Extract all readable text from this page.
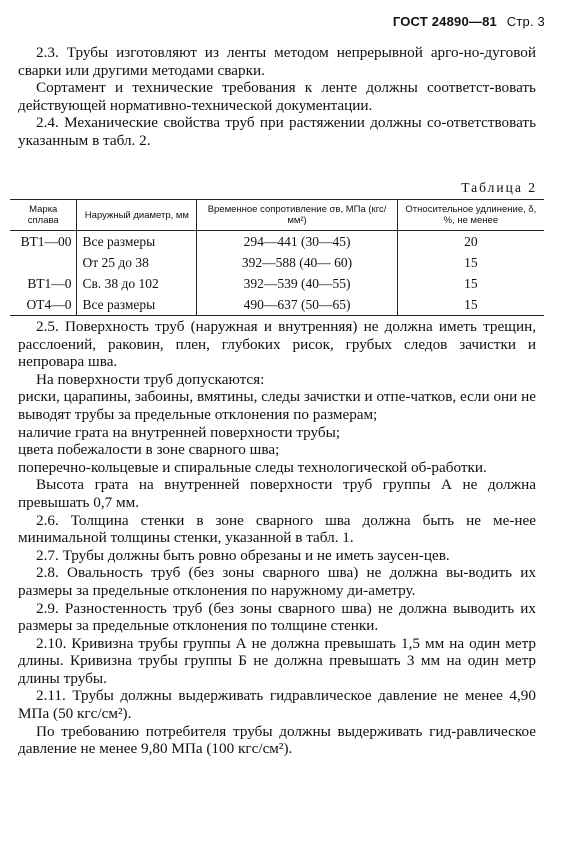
ГОСТ 24890—81 Стр. 3

2.3. Трубы изготовляют из ленты методом непрерывной арго-но-дуговой сварки или другими методами сварки.

Сортамент и технические требования к ленте должны соответст-вовать действующей нормативно-технической документации.

2.4. Механические свойства труб при растяжении должны со-ответствовать указанным в табл. 2.

Таблица 2
Марка сплава	Наружный диаметр, мм	Временное сопротивление σв, МПа (кгс/мм²)	Относительное удлинение, δ, %, не менее
ВТ1—00	Все размеры	294—441 (30—45)	20
	От 25 до 38	392—588 (40— 60)	15
ВТ1—0	Св. 38 до 102	392—539 (40—55)	15
ОТ4—0	Все размеры	490—637 (50—65)	15

2.5. Поверхность труб (наружная и внутренняя) не должна иметь трещин, расслоений, раковин, плен, глубоких рисок, грубых следов зачистки и непровара шва.

На поверхности труб допускаются:

риски, царапины, забоины, вмятины, следы зачистки и отпе-чатков, если они не выводят трубы за предельные отклонения по размерам;

наличие грата на внутренней поверхности трубы;

цвета побежалости в зоне сварного шва;

поперечно-кольцевые и спиральные следы технологической об-работки.

Высота грата на внутренней поверхности труб группы А не должна превышать 0,7 мм.

2.6. Толщина стенки в зоне сварного шва должна быть не ме-нее минимальной толщины стенки, указанной в табл. 1.

2.7. Трубы должны быть ровно обрезаны и не иметь заусен-цев.

2.8. Овальность труб (без зоны сварного шва) не должна вы-водить их размеры за предельные отклонения по наружному ди-аметру.

2.9. Разностенность труб (без зоны сварного шва) не должна выводить их размеры за предельные отклонения по толщине стенки.

2.10. Кривизна трубы группы А не должна превышать 1,5 мм на один метр длины. Кривизна трубы группы Б не должна превышать 3 мм на один метр длины трубы.

2.11. Трубы должны выдерживать гидравлическое давление не менее 4,90 МПа (50 кгс/см²).

По требованию потребителя трубы должны выдерживать гид-равлическое давление не менее 9,80 МПа (100 кгс/см²).
